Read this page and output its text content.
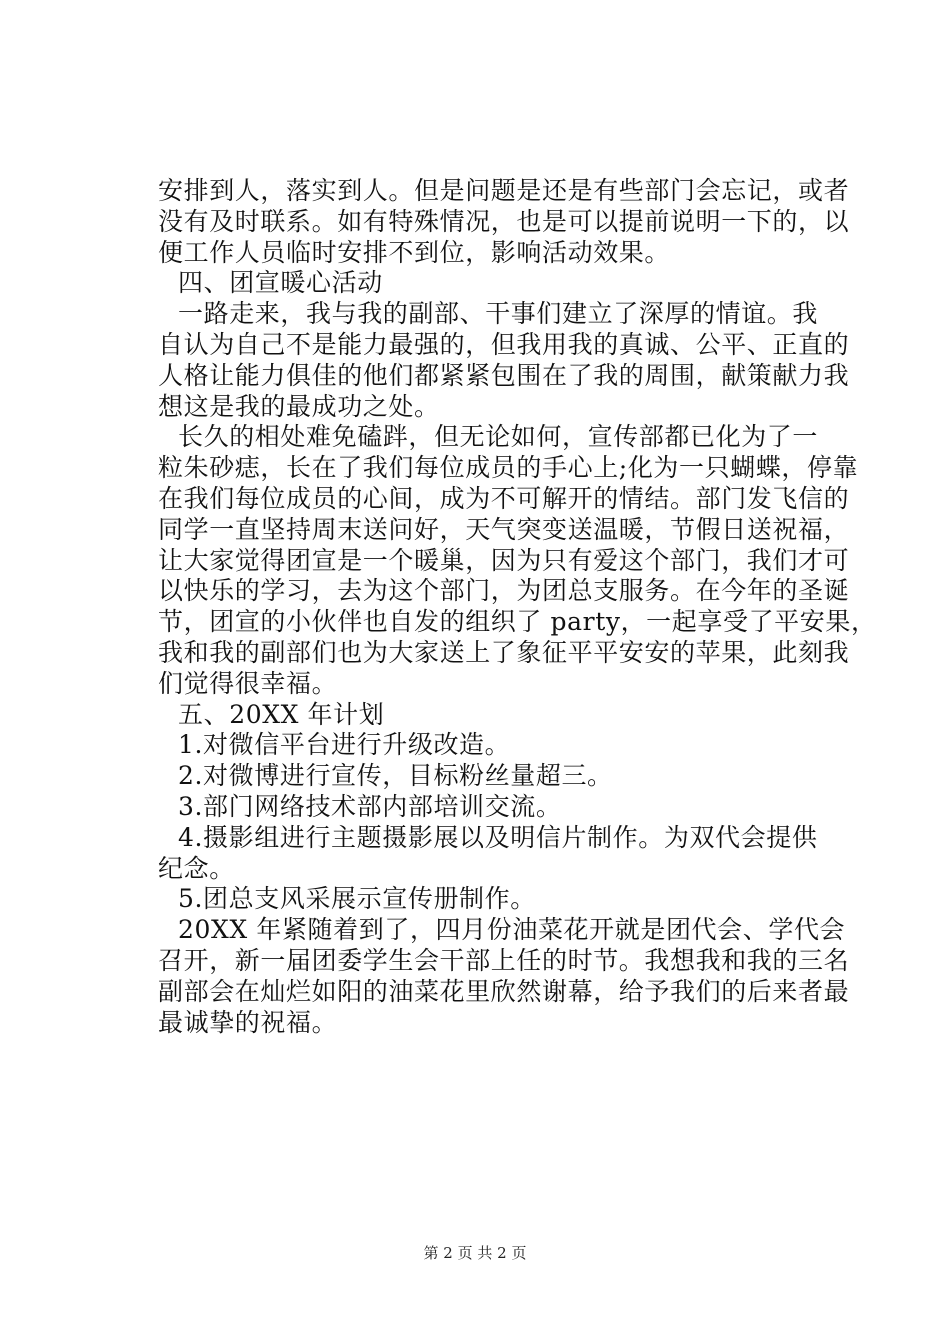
安排到人，落实到人。但是问题是还是有些部门会忘记，或者
没有及时联系。如有特殊情况，也是可以提前说明一下的，以
便工作人员临时安排不到位，影响活动效果。
四、团宣暖心活动
一路走来，我与我的副部、干事们建立了深厚的情谊。我
自认为自己不是能力最强的，但我用我的真诚、公平、正直的
人格让能力俱佳的他们都紧紧包围在了我的周围，献策献力我
想这是我的最成功之处。
长久的相处难免磕跘，但无论如何，宣传部都已化为了一
粒朱砂痣，长在了我们每位成员的手心上;化为一只蝴蝶，停靠
在我们每位成员的心间，成为不可解开的情结。部门发飞信的
同学一直坚持周末送问好，天气突变送温暖，节假日送祝福，
让大家觉得团宣是一个暖巢，因为只有爱这个部门，我们才可
以快乐的学习，去为这个部门，为团总支服务。在今年的圣诞
节，团宣的小伙伴也自发的组织了 party，一起享受了平安果，
我和我的副部们也为大家送上了象征平平安安的苹果，此刻我
们觉得很幸福。
五、20XX 年计划
1.对微信平台进行升级改造。
2.对微博进行宣传，目标粉丝量超三。
3.部门网络技术部内部培训交流。
4.摄影组进行主题摄影展以及明信片制作。为双代会提供
纪念。
5.团总支风采展示宣传册制作。
20XX 年紧随着到了，四月份油菜花开就是团代会、学代会
召开，新一届团委学生会干部上任的时节。我想我和我的三名
副部会在灿烂如阳的油菜花里欣然谢幕，给予我们的后来者最
最诚挚的祝福。
第 2 页 共 2 页
